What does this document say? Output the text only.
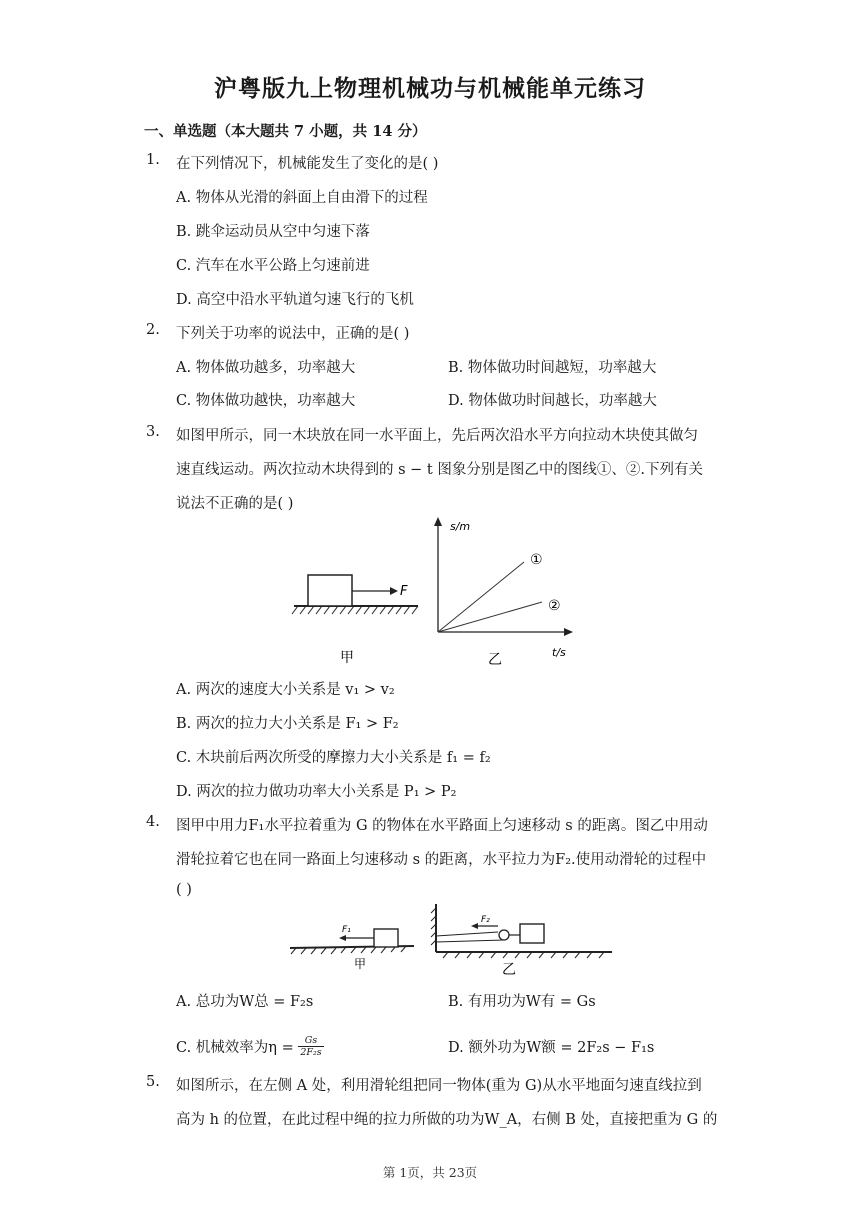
沪粤版九上物理机械功与机械能单元练习
一、单选题（本大题共 7 小题，共 14 分）
1. 在下列情况下，机械能发生了变化的是( )
A. 物体从光滑的斜面上自由滑下的过程
B. 跳伞运动员从空中匀速下落
C. 汽车在水平公路上匀速前进
D. 高空中沿水平轨道匀速飞行的飞机
2. 下列关于功率的说法中，正确的是( )
A. 物体做功越多，功率越大	B. 物体做功时间越短，功率越大
C. 物体做功越快，功率越大	D. 物体做功时间越长，功率越大
3. 如图甲所示，同一木块放在同一水平面上，先后两次沿水平方向拉动木块使其做匀
速直线运动。两次拉动木块得到的 s − t 图象分别是图乙中的图线①、②.下列有关
说法不正确的是( )
F
甲
s/m
t/s
①
②
乙
A. 两次的速度大小关系是 v₁ > v₂
B. 两次的拉力大小关系是 F₁ > F₂
C. 木块前后两次所受的摩擦力大小关系是 f₁ = f₂
D. 两次的拉力做功功率大小关系是 P₁ > P₂
4. 图甲中用力F₁水平拉着重为 G 的物体在水平路面上匀速移动 s 的距离。图乙中用动
滑轮拉着它也在同一路面上匀速移动 s 的距离，水平拉力为F₂.使用动滑轮的过程中
( )
F₁
甲
F₂
乙
A. 总功为W总 = F₂s	B. 有用功为W有 = Gs
C. 机械效率为$\eta = \frac{Gs}{\text{2F₂s}}$	D. 额外功为W额 = 2F₂s − F₁s
5. 如图所示，在左侧 A 处，利用滑轮组把同一物体(重为 G)从水平地面匀速直线拉到
高为 h 的位置，在此过程中绳的拉力所做的功为W_A，右侧 B 处，直接把重为 G 的
第 1页，共 23页
